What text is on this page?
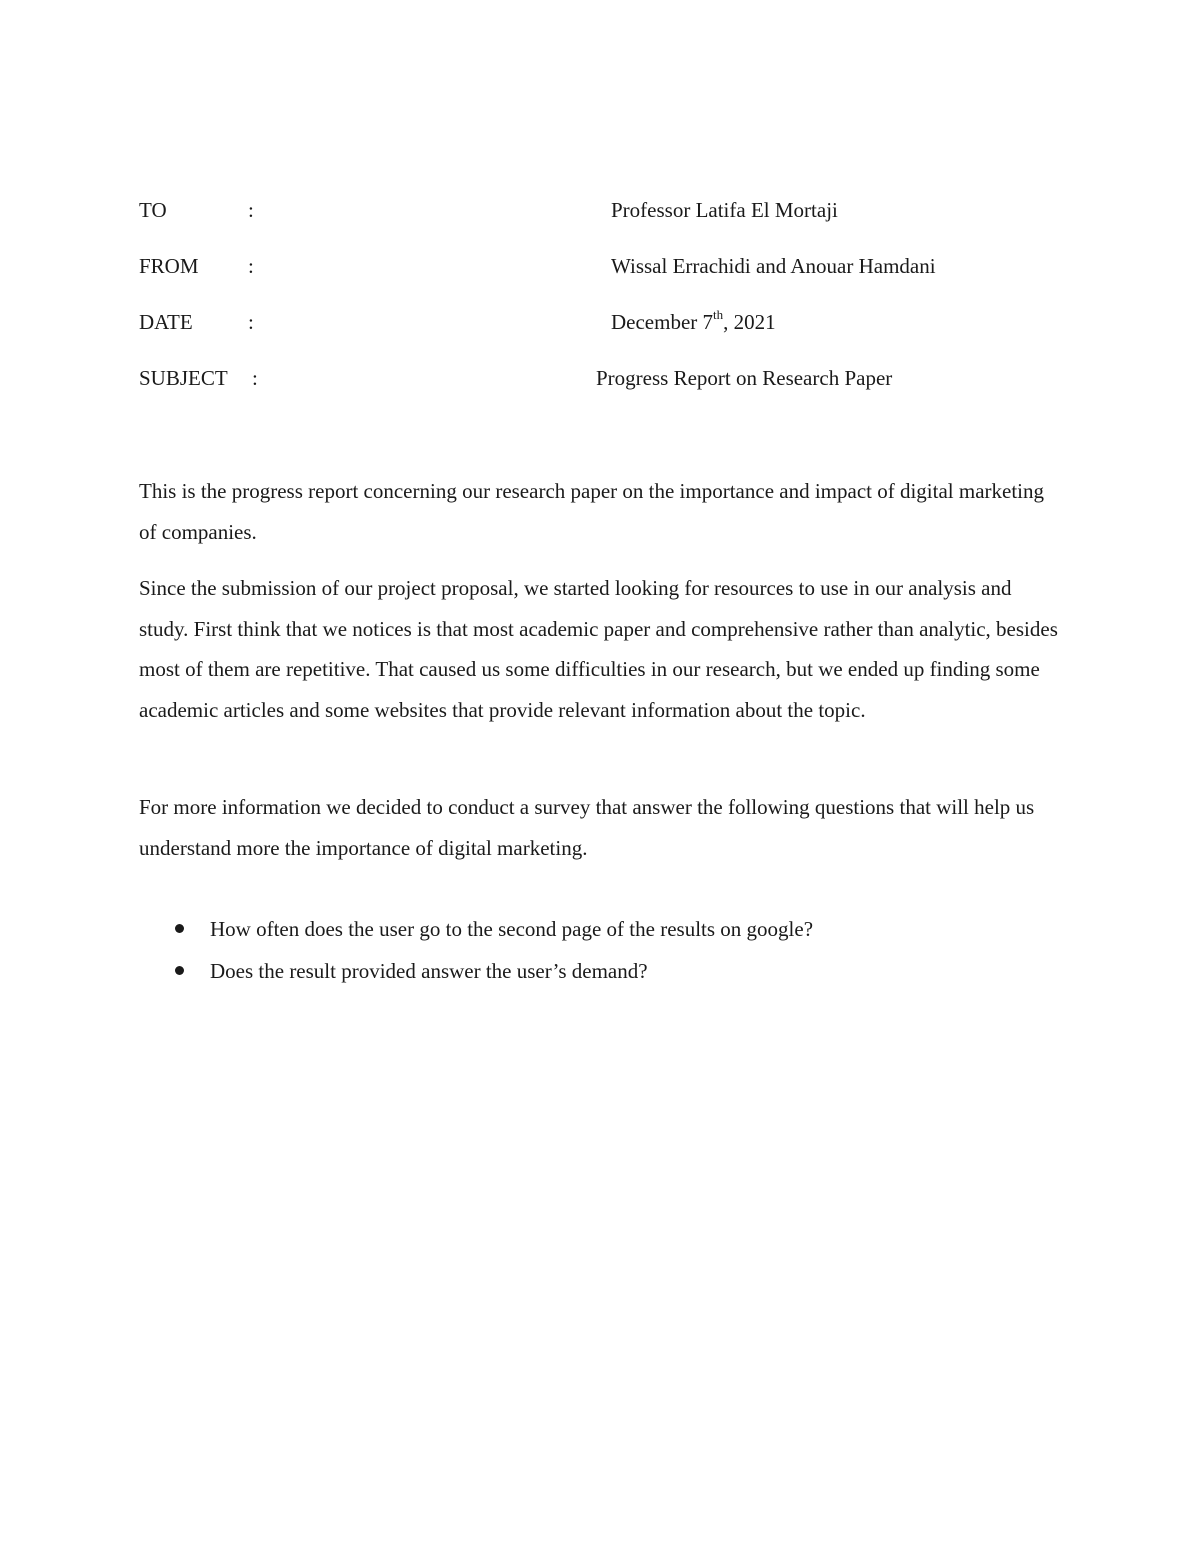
TO	:	Professor Latifa El Mortaji
FROM :	Wissal Errachidi and Anouar Hamdani
DATE	:	December 7th, 2021
SUBJECT :	Progress Report on Research Paper

This is the progress report concerning our research paper on the importance and impact of digital marketing of companies.

Since the submission of our project proposal, we started looking for resources to use in our analysis and study. First think that we notices is that most academic paper and comprehensive rather than analytic, besides most of them are repetitive. That caused us some difficulties in our research, but we ended up finding some academic articles and some websites that provide relevant information about the topic.

For more information we decided to conduct a survey that answer the following questions that will help us understand more the importance of digital marketing.

How often does the user go to the second page of the results on google?
Does the result provided answer the user’s demand?
